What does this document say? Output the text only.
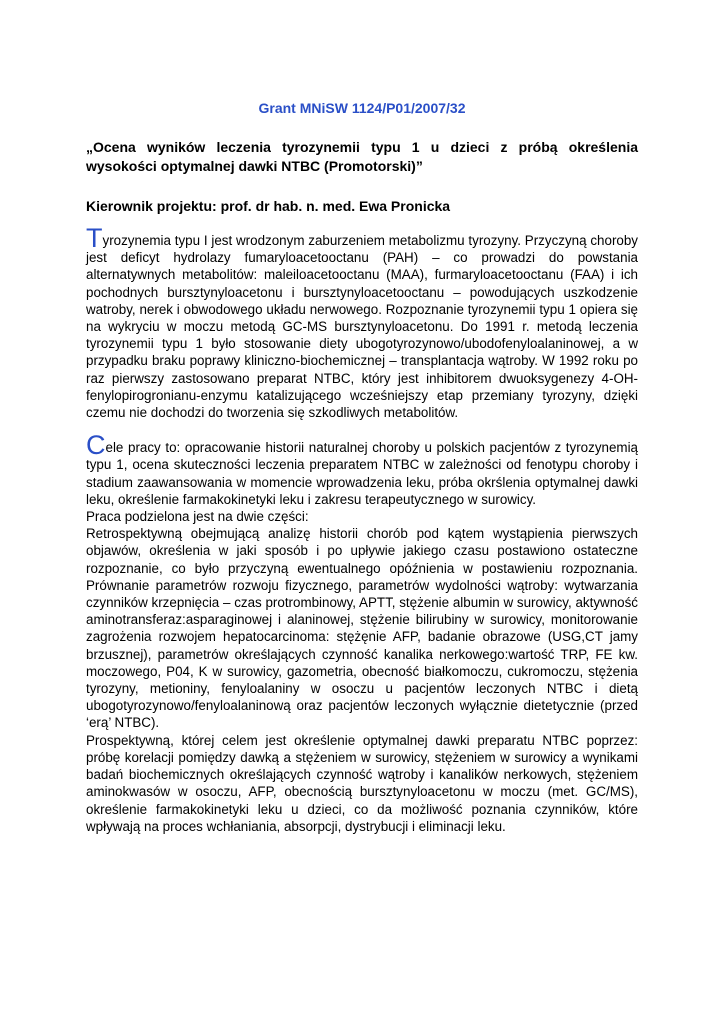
Grant MNiSW 1124/P01/2007/32

„Ocena wyników leczenia tyrozynemii typu 1 u dzieci z próbą określenia wysokości optymalnej dawki NTBC (Promotorski)”

Kierownik projektu: prof. dr hab. n. med. Ewa Pronicka

Tyrozynemia typu I jest wrodzonym zaburzeniem metabolizmu tyrozyny. Przyczyną choroby jest deficyt hydrolazy fumaryloacetooctanu (PAH) – co prowadzi do powstania alternatywnych metabolitów: maleiloacetooctanu (MAA), furmaryloacetooctanu (FAA) i ich pochodnych bursztynyloacetonu i bursztynyloacetooctanu – powodujących uszkodzenie watroby, nerek i obwodowego układu nerwowego. Rozpoznanie tyrozynemii typu 1 opiera się na wykryciu w moczu metodą GC-MS bursztynyloacetonu. Do 1991 r. metodą leczenia tyrozynemii typu 1 było stosowanie diety ubogotyrozynowo/ubodofenyloalaninowej, a w przypadku braku poprawy kliniczno-biochemicznej – transplantacja wątroby. W 1992 roku po raz pierwszy zastosowano preparat NTBC, który jest inhibitorem dwuoksygenezy 4-OH-fenylopirogronianu-enzymu katalizującego wcześniejszy etap przemiany tyrozyny, dzięki czemu nie dochodzi do tworzenia się szkodliwych metabolitów.

Cele pracy to: opracowanie historii naturalnej choroby u polskich pacjentów z tyrozynemią typu 1, ocena skuteczności leczenia preparatem NTBC w zależności od fenotypu choroby i stadium zaawansowania w momencie wprowadzenia leku, próba okrślenia optymalnej dawki leku, określenie farmakokinetyki leku i zakresu terapeutycznego w surowicy.

Praca podzielona jest na dwie części:

Retrospektywną obejmującą analizę historii chorób pod kątem wystąpienia pierwszych objawów, określenia w jaki sposób i po upływie jakiego czasu postawiono ostateczne rozpoznanie, co było przyczyną ewentualnego opóźnienia w postawieniu rozpoznania. Prównanie parametrów rozwoju fizycznego, parametrów wydolności wątroby: wytwarzania czynników krzepnięcia – czas protrombinowy, APTT, stężenie albumin w surowicy, aktywność aminotransferaz:asparaginowej i alaninowej, stężenie bilirubiny w surowicy, monitorowanie zagrożenia rozwojem hepatocarcinoma: stężęnie AFP, badanie obrazowe (USG,CT jamy brzusznej), parametrów określających czynność kanalika nerkowego:wartość TRP, FE kw. moczowego, P04, K w surowicy, gazometria, obecność białkomoczu, cukromoczu, stężenia tyrozyny, metioniny, fenyloalaniny w osoczu u pacjentów leczonych NTBC i dietą ubogotyrozynowo/fenyloalaninową oraz pacjentów leczonych wyłącznie dietetycznie (przed ‘erą’ NTBC).

Prospektywną, której celem jest określenie optymalnej dawki preparatu NTBC poprzez: próbę korelacji pomiędzy dawką a stężeniem w surowicy, stężeniem w surowicy a wynikami badań biochemicznych określających czynność wątroby i kanalików nerkowych, stężeniem aminokwasów w osoczu, AFP, obecnością bursztynyloacetonu w moczu (met. GC/MS), określenie farmakokinetyki leku u dzieci, co da możliwość poznania czynników, które wpływają na proces wchłaniania, absorpcji, dystrybucji i eliminacji leku.
